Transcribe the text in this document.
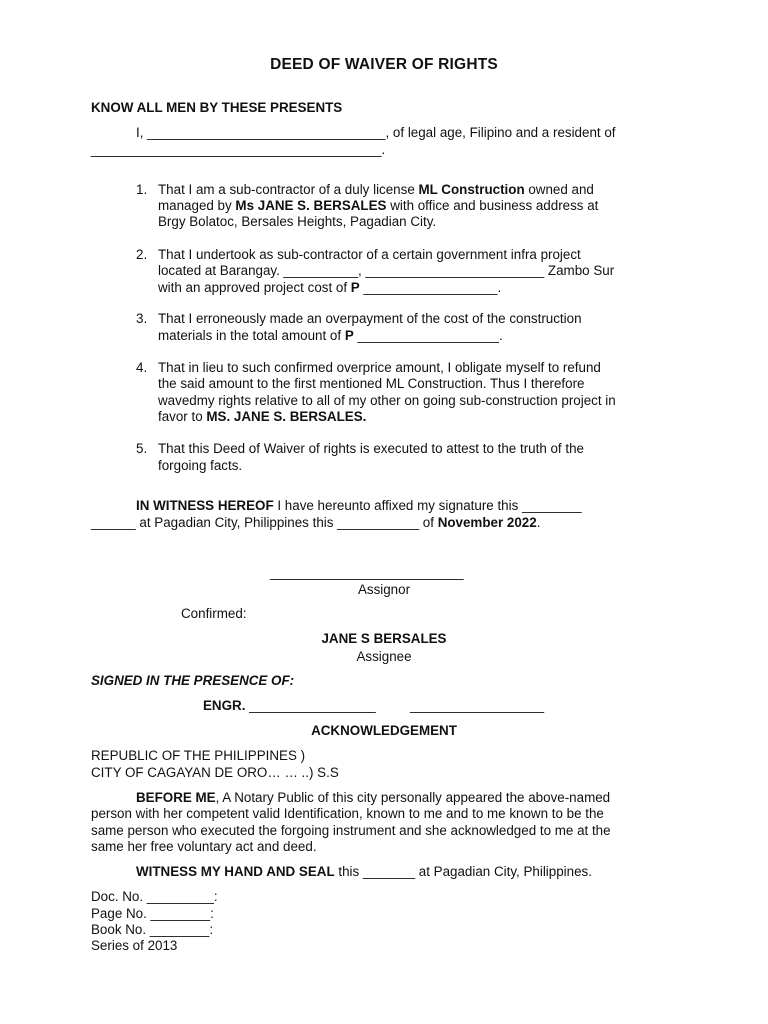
DEED OF WAIVER OF RIGHTS
KNOW ALL MEN BY THESE PRESENTS
I, ________________________________, of legal age, Filipino and a resident of
_______________________________________.
1. That I am a sub-contractor of a duly license ML Construction owned and
managed by Ms JANE S. BERSALES with office and business address at
Brgy Bolatoc, Bersales Heights, Pagadian City.
2. That I undertook as sub-contractor of a certain government infra project
located at Barangay. __________, ________________________ Zambo Sur
with an approved project cost of P __________________.
3. That I erroneously made an overpayment of the cost of the construction
materials in the total amount of P ___________________.
4. That in lieu to such confirmed overprice amount, I obligate myself to refund
the said amount to the first mentioned ML Construction. Thus I therefore
wavedmy rights relative to all of my other on going sub-construction project in
favor to MS. JANE S. BERSALES.
5. That this Deed of Waiver of rights is executed to attest to the truth of the
forgoing facts.
IN WITNESS HEREOF I have hereunto affixed my signature this ________
______ at Pagadian City, Philippines this ___________ of November 2022.
__________________________
Assignor
Confirmed:
JANE S BERSALES
Assignee
SIGNED IN THE PRESENCE OF:
ENGR. _________________	__________________
ACKNOWLEDGEMENT
REPUBLIC OF THE PHILIPPINES )
CITY OF CAGAYAN DE ORO… … ..) S.S
BEFORE ME, A Notary Public of this city personally appeared the above-named
person with her competent valid Identification, known to me and to me known to be the
same person who executed the forgoing instrument and she acknowledged to me at the
same her free voluntary act and deed.
WITNESS MY HAND AND SEAL this _______ at Pagadian City, Philippines.
Doc. No. _________:
Page No. ________:
Book No. ________:
Series of 2013
